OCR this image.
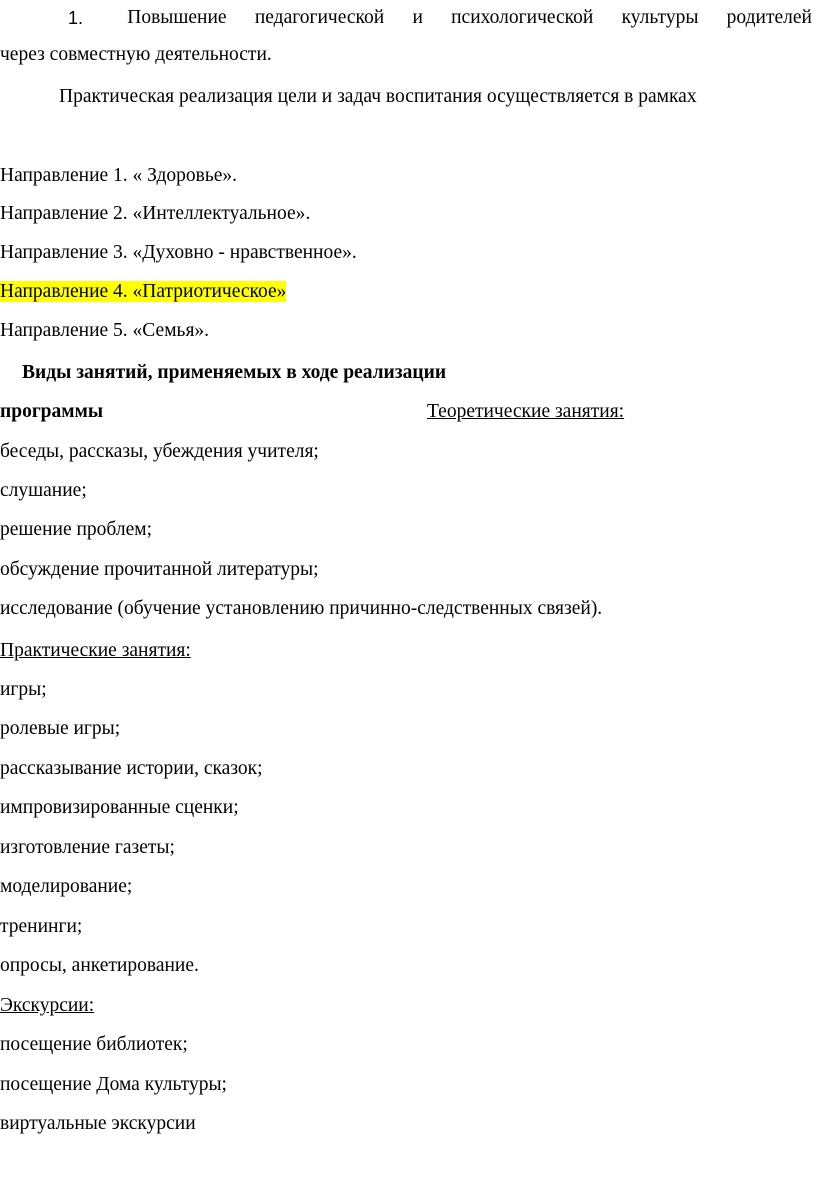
1. Повышение педагогической и психологической культуры родителей
через совместную деятельности.
Практическая реализация цели и задач воспитания осуществляется в рамках
Направление 1. « Здоровье».
Направление 2. «Интеллектуальное».
Направление 3. «Духовно - нравственное».
Направление 4. «Патриотическое»
Направление 5. «Семья».
Виды занятий, применяемых в ходе реализации
программы	Теоретические занятия:
беседы, рассказы, убеждения учителя;
слушание;
решение проблем;
обсуждение прочитанной литературы;
исследование (обучение установлению причинно-следственных связей).
Практические занятия:
игры;
ролевые игры;
рассказывание истории, сказок;
импровизированные сценки;
изготовление газеты;
моделирование;
тренинги;
опросы, анкетирование.
Экскурсии:
посещение библиотек;
посещение Дома культуры;
виртуальные экскурсии
